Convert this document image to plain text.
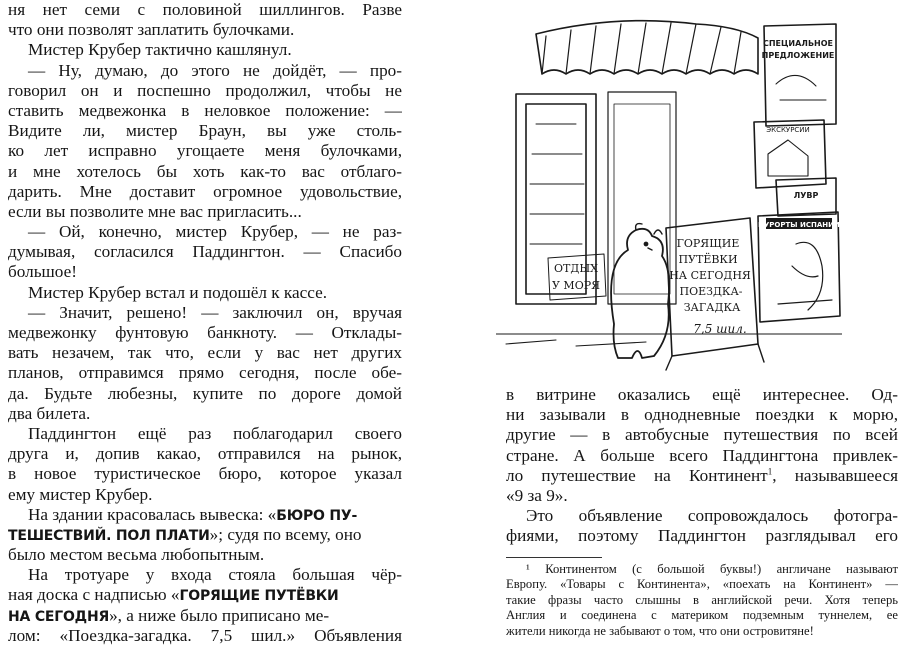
ня нет семи с половиной шиллингов. Разве
что они позволят заплатить булочками.
Мистер Крубер тактично кашлянул.
— Ну, думаю, до этого не дойдёт, — про-
говорил он и поспешно продолжил, чтобы не
ставить медвежонка в неловкое положение: —
Видите ли, мистер Браун, вы уже столь-
ко лет исправно угощаете меня булочками,
и мне хотелось бы хоть как-то вас отблаго-
дарить. Мне доставит огромное удовольствие,
если вы позволите мне вас пригласить...
— Ой, конечно, мистер Крубер, — не раз-
думывая, согласился Паддингтон. — Спасибо
большое!
Мистер Крубер встал и подошёл к кассе.
— Значит, решено! — заключил он, вручая
медвежонку фунтовую банкноту. — Отклады-
вать незачем, так что, если у вас нет других
планов, отправимся прямо сегодня, после обе-
да. Будьте любезны, купите по дороге домой
два билета.
Паддингтон ещё раз поблагодарил своего
друга и, допив какао, отправился на рынок,
в новое туристическое бюро, которое указал
ему мистер Крубер.
На здании красовалась вывеска: «БЮРО ПУ-
ТЕШЕСТВИЙ. ПОЛ ПЛАТИ»; судя по всему, оно
было местом весьма любопытным.
На тротуаре у входа стояла большая чёр-
ная доска с надписью «ГОРЯЩИЕ ПУТЁВКИ
НА СЕГОДНЯ», а ниже было приписано ме-
лом: «Поездка-загадка. 7,5 шил.» Объявления
СПЕЦИАЛЬНОЕ
ПРЕДЛОЖЕНИЕ
ЭКСКУРСИИ
ЛУВР
КУРОРТЫ ИСПАНИИ
ГОРЯЩИЕ
ПУТЁВКИ
НА СЕГОДНЯ
ПОЕЗДКА-
ЗАГАДКА
7,5 шил.
ОТДЫХ
У МОРЯ
в витрине оказались ещё интереснее. Од-
ни зазывали в однодневные поездки к морю,
другие — в автобусные путешествия по всей
стране. А больше всего Паддингтона привлек-
ло путешествие на Континент$^1$, называвшееся
«9 за 9».
Это объявление сопровождалось фотогра-
фиями, поэтому Паддингтон разглядывал его
¹ Континентом (с большой буквы!) англичане называют
Европу. «Товары с Континента», «поехать на Континент» —
такие фразы часто слышны в английской речи. Хотя теперь
Англия и соединена с материком подземным туннелем, ее
жители никогда не забывают о том, что они островитяне!
